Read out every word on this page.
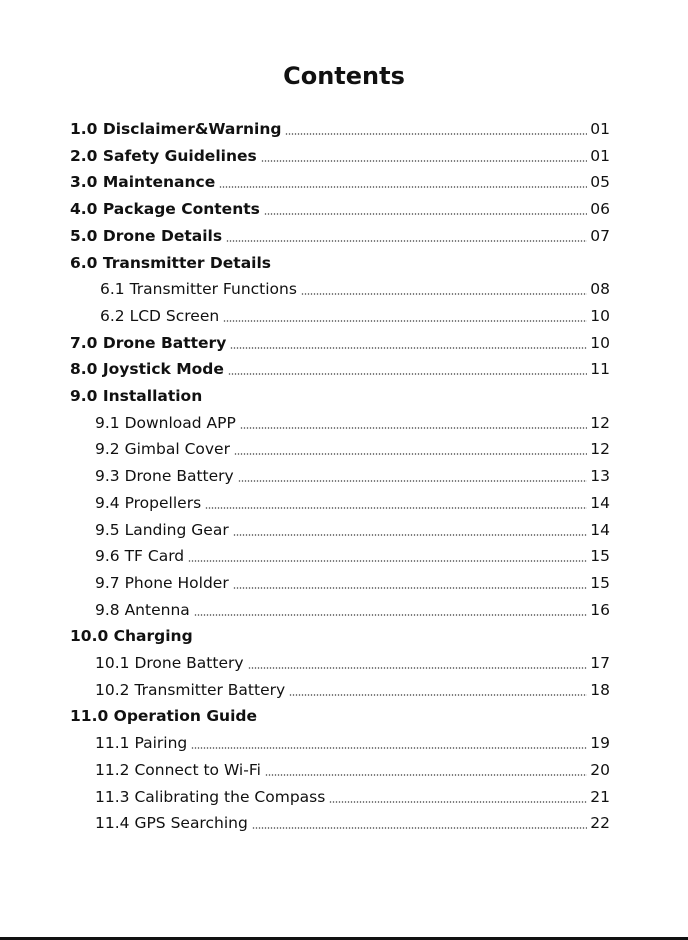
Contents
1.0 Disclaimer&Warning	01
2.0 Safety Guidelines	01
3.0 Maintenance	05
4.0 Package Contents	06
5.0 Drone Details	07
6.0 Transmitter Details
6.1 Transmitter Functions	08
6.2 LCD Screen	10
7.0 Drone Battery	10
8.0 Joystick Mode	11
9.0 Installation
9.1 Download APP	12
9.2 Gimbal Cover	12
9.3 Drone Battery	13
9.4 Propellers	14
9.5 Landing Gear	14
9.6 TF Card	15
9.7 Phone Holder	15
9.8 Antenna	16
10.0 Charging
10.1 Drone Battery	17
10.2 Transmitter Battery	18
11.0 Operation Guide
11.1 Pairing	19
11.2 Connect to Wi-Fi	20
11.3 Calibrating the Compass	21
11.4 GPS Searching	22
